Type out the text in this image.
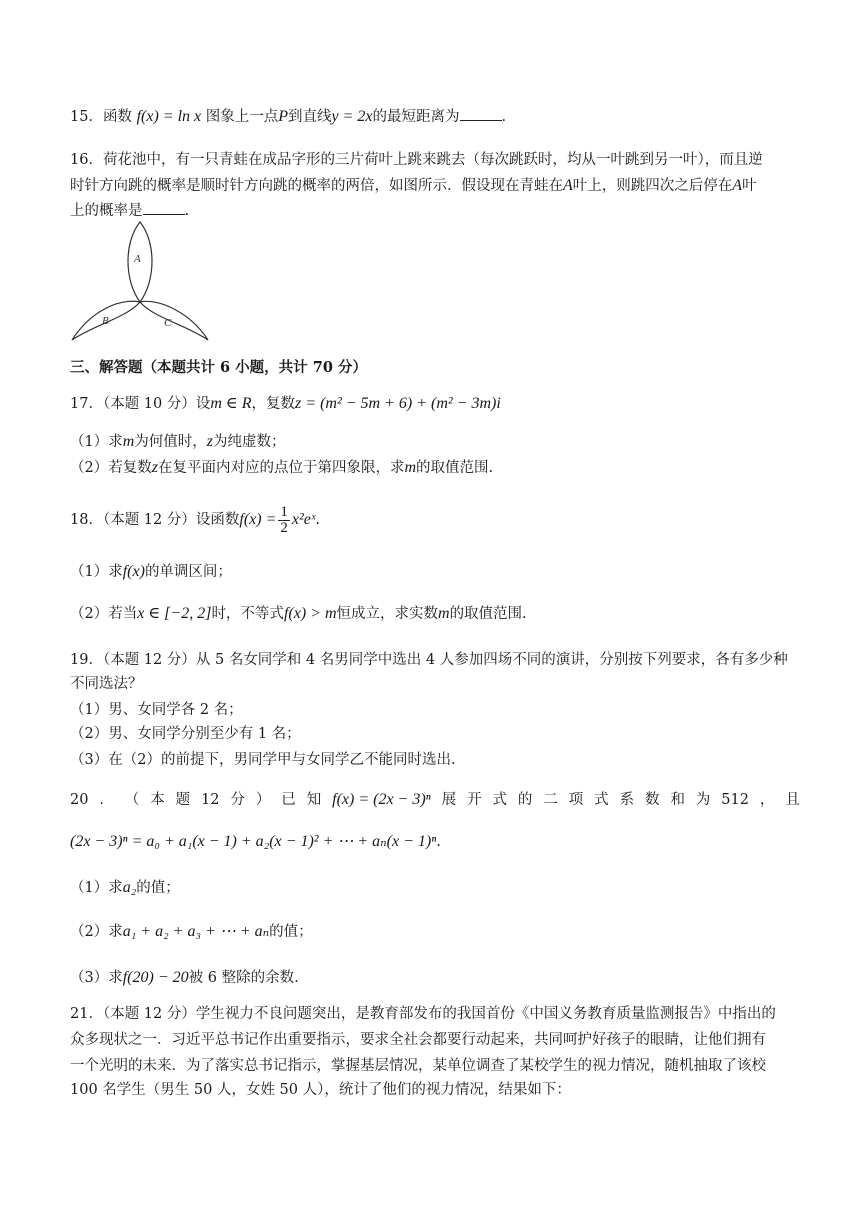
15．函数 f(x) = ln x 图象上一点P到直线y = 2x的最短距离为	.
16．荷花池中，有一只青蛙在成品字形的三片荷叶上跳来跳去（每次跳跃时，均从一叶跳到另一叶），而且逆
时针方向跳的概率是顺时针方向跳的概率的两倍，如图所示．假设现在青蛙在A叶上，则跳四次之后停在A叶
上的概率是	.
A
B	C
三、解答题（本题共计 6 小题，共计 70 分）
17．（本题 10 分）设m ∈ R，复数z = (m² − 5m + 6) + (m² − 3m)i
（1）求m为何值时，z为纯虚数；
（2）若复数z在复平面内对应的点位于第四象限，求m的取值范围.
18．（本题 12 分）设函数$f(x) = \frac{1}{2}$ x²eˣ.
（1）求f(x)的单调区间；
（2）若当x ∈ [−2, 2]时，不等式f(x) > m恒成立，求实数m的取值范围.
19．（本题 12 分）从 5 名女同学和 4 名男同学中选出 4 人参加四场不同的演讲，分别按下列要求，各有多少种
不同选法？
（1）男、女同学各 2 名；
（2）男、女同学分别至少有 1 名；
（3）在（2）的前提下，男同学甲与女同学乙不能同时选出.
20 ． （ 本 题 12 分 ） 已 知 f(x) = (2x − 3)ⁿ 展 开 式 的 二 项 式 系 数 和 为 512 ， 且
(2x − 3)ⁿ = a₀ + a₁(x − 1) + a₂(x − 1)² + ⋯ + aₙ(x − 1)ⁿ.
（1）求a₂的值；
（2）求a₁ + a₂ + a₃ + ⋯ + aₙ的值；
（3）求f(20) − 20被 6 整除的余数.
21．（本题 12 分）学生视力不良问题突出，是教育部发布的我国首份《中国义务教育质量监测报告》中指出的
众多现状之一．习近平总书记作出重要指示，要求全社会都要行动起来，共同呵护好孩子的眼睛，让他们拥有
一个光明的未来．为了落实总书记指示，掌握基层情况，某单位调查了某校学生的视力情况，随机抽取了该校
100 名学生（男生 50 人，女姓 50 人），统计了他们的视力情况，结果如下：
